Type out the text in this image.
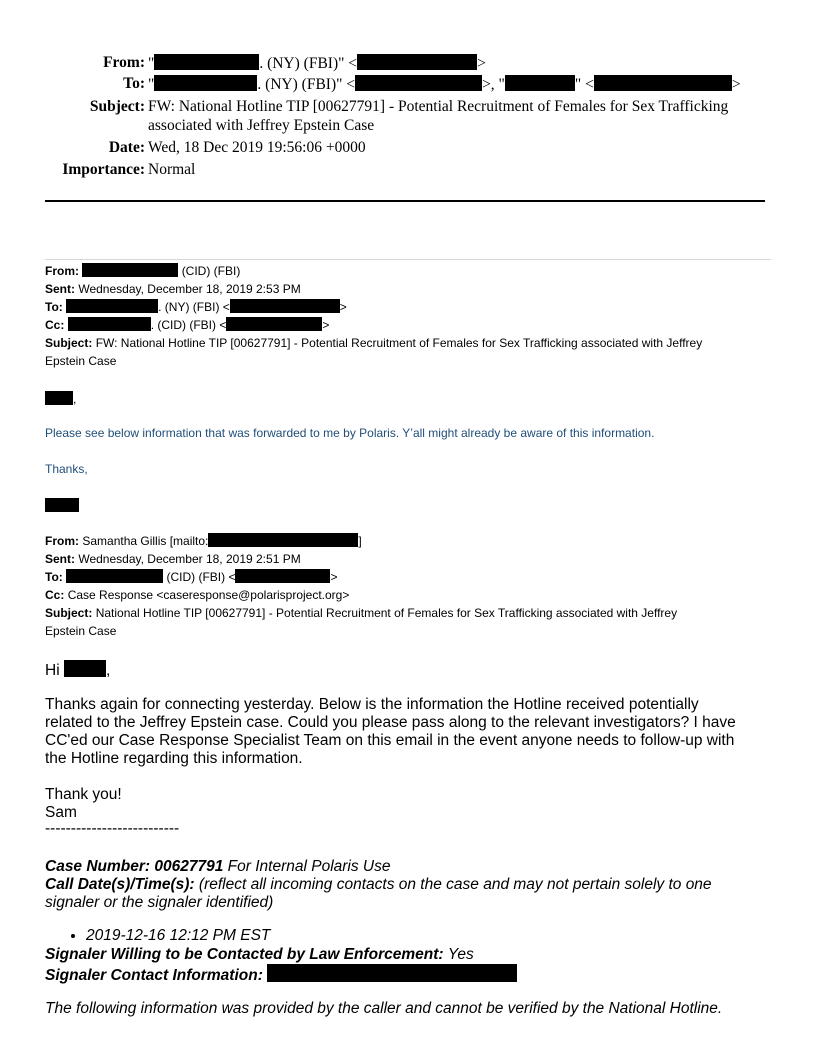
From: "	. (NY) (FBI)" <	>
To: "	. (NY) (FBI)" <	>, "	" <	>
Subject: FW: National Hotline TIP [00627791] - Potential Recruitment of Females for Sex Trafficking
associated with Jeffrey Epstein Case
Date: Wed, 18 Dec 2019 19:56:06 +0000
Importance: Normal
From:	(CID) (FBI)
Sent: Wednesday, December 18, 2019 2:53 PM
To:	. (NY) (FBI) <	>
Cc:	. (CID) (FBI) <	>
Subject: FW: National Hotline TIP [00627791] - Potential Recruitment of Females for Sex Trafficking associated with Jeffrey
Epstein Case
,
Please see below information that was forwarded to me by Polaris. Y’all might already be aware of this information.
Thanks,
From: Samantha Gillis [mailto:	]
Sent: Wednesday, December 18, 2019 2:51 PM
To:	(CID) (FBI) <	>
Cc: Case Response <caseresponse@polarisproject.org>
Subject: National Hotline TIP [00627791] - Potential Recruitment of Females for Sex Trafficking associated with Jeffrey
Epstein Case
Hi	,
Thanks again for connecting yesterday. Below is the information the Hotline received potentially
related to the Jeffrey Epstein case. Could you please pass along to the relevant investigators? I have
CC'ed our Case Response Specialist Team on this email in the event anyone needs to follow-up with
the Hotline regarding this information.
Thank you!
Sam
--------------------------
Case Number: 00627791 For Internal Polaris Use
Call Date(s)/Time(s): (reflect all incoming contacts on the case and may not pertain solely to one
signaler or the signaler identified)
• 2019-12-16 12:12 PM EST
Signaler Willing to be Contacted by Law Enforcement: Yes
Signaler Contact Information:
The following information was provided by the caller and cannot be verified by the National Hotline.
